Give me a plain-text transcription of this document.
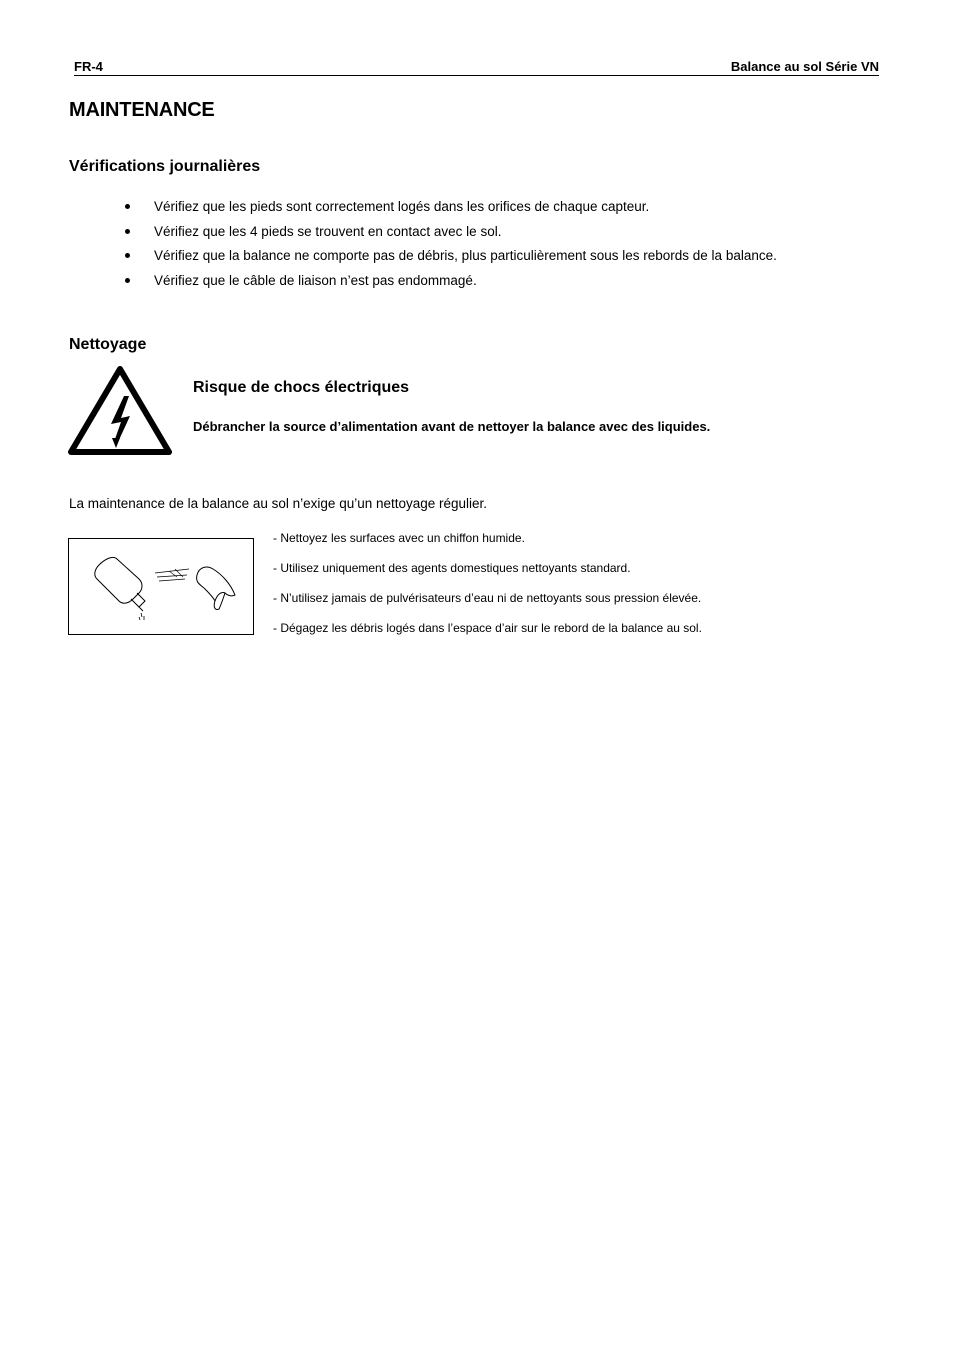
FR-4	Balance au sol Série VN
MAINTENANCE
Vérifications journalières
Vérifiez que les pieds sont correctement logés dans les orifices de chaque capteur.
Vérifiez que les 4 pieds se trouvent en contact avec le sol.
Vérifiez que la balance ne comporte pas de débris, plus particulièrement sous les rebords de la balance.
Vérifiez que le câble de liaison n’est pas endommagé.
Nettoyage
Risque de chocs électriques
Débrancher la source d’alimentation avant de nettoyer la balance avec des liquides.
La maintenance de la balance au sol n’exige qu’un nettoyage régulier.
- Nettoyez les surfaces avec un chiffon humide.
- Utilisez uniquement des agents domestiques nettoyants standard.
- N’utilisez jamais de pulvérisateurs d’eau ni de nettoyants sous pression élevée.
- Dégagez les débris logés dans l’espace d’air sur le rebord de la balance au sol.
